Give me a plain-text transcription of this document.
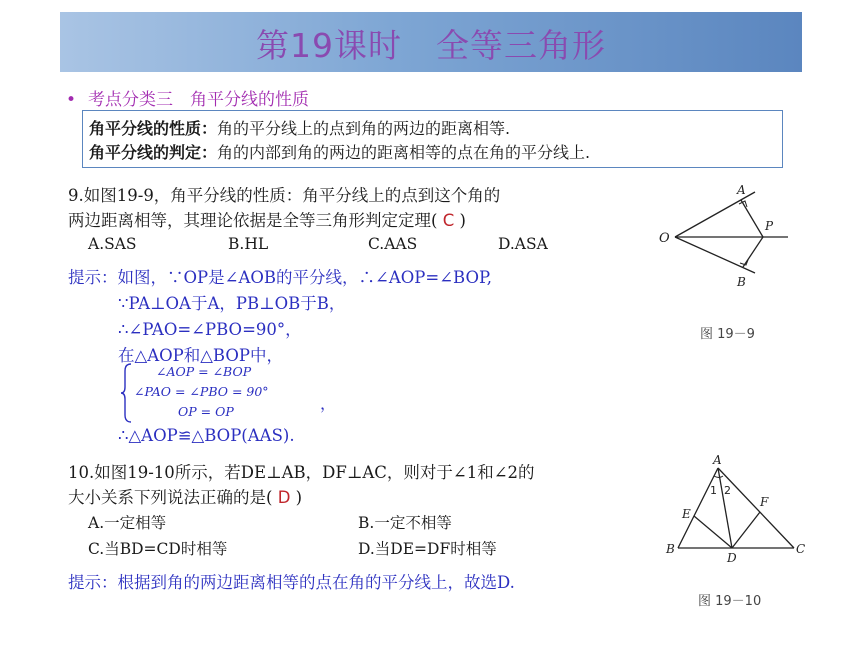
第19课时　全等三角形
• 考点分类三　角平分线的性质
角平分线的性质：角的平分线上的点到角的两边的距离相等.
角平分线的判定：角的内部到角的两边的距离相等的点在角的平分线上.
9.如图19-9，角平分线的性质：角平分线上的点到这个角的
两边距离相等，其理论依据是全等三角形判定定理( C )
A.SAS	B.HL	C.AAS	D.ASA
提示：如图，∵OP是∠AOB的平分线，∴∠AOP=∠BOP,
∵PA⊥OA于A，PB⊥OB于B，
∴∠PAO=∠PBO=90°，
在△AOP和△BOP中，
∠AOP = ∠BOP
∠PAO = ∠PBO = 90°
OP = OP	，
∴△AOP≌△BOP(AAS).
10.如图19-10所示，若DE⊥AB，DF⊥AC，则对于∠1和∠2的
大小关系下列说法正确的是( D )
A.一定相等	B.一定不相等
C.当BD=CD时相等	D.当DE=DF时相等
提示：根据到角的两边距离相等的点在角的平分线上，故选D.
A
O
P
B
图 19－9
A
1 2
F
E
B
D
C
图 19－10
